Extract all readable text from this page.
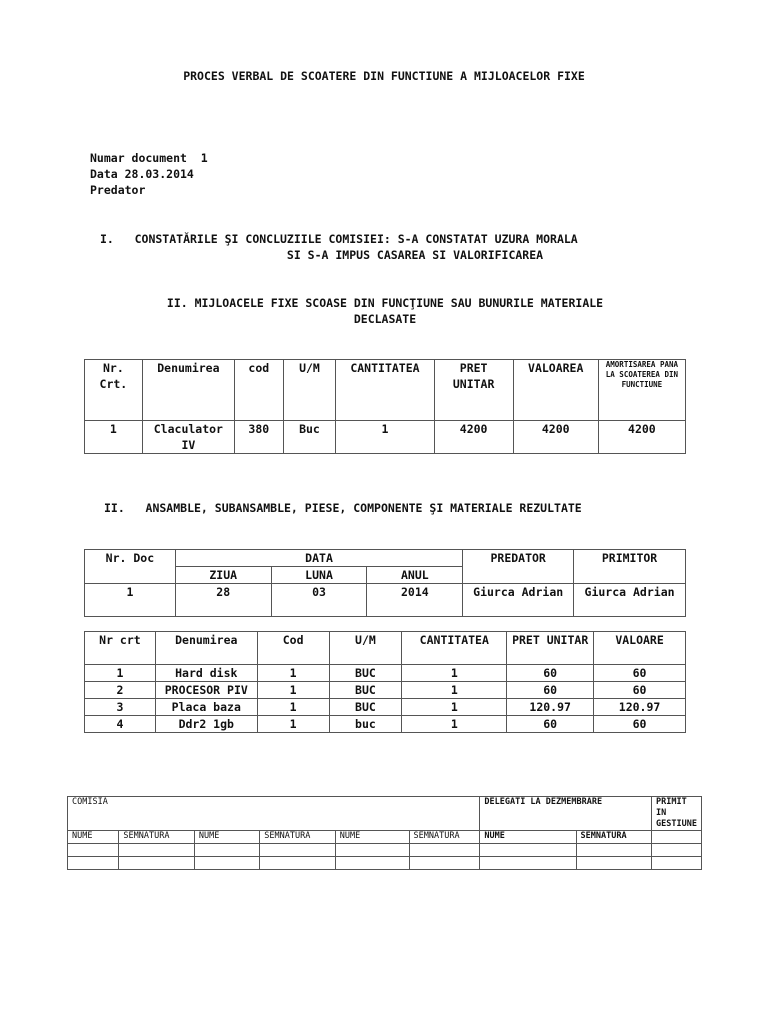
PROCES VERBAL DE SCOATERE DIN FUNCTIUNE A MIJLOACELOR FIXE
Numar document  1
Data 28.03.2014
Predator
I.   CONSTATĂRILE ŞI CONCLUZIILE COMISIEI: S-A CONSTATAT UZURA MORALA
SI S-A IMPUS CASAREA SI VALORIFICAREA
II. MIJLOACELE FIXE SCOASE DIN FUNCŢIUNE SAU BUNURILE MATERIALE
DECLASATE
Nr. Crt.	Denumirea	cod	U/M	CANTITATEA	PRET UNITAR	VALOAREA	AMORTISAREA PANA LA SCOATEREA DIN FUNCTIUNE
1	Claculator IV	380	Buc	1	4200	4200	4200
II.   ANSAMBLE, SUBANSAMBLE, PIESE, COMPONENTE ŞI MATERIALE REZULTATE
Nr. Doc	DATA			PREDATOR	PRIMITOR
	ZIUA	LUNA	ANUL		
1	28	03	2014	Giurca Adrian	Giurca Adrian
Nr crt	Denumirea	Cod	U/M	CANTITATEA	PRET UNITAR	VALOARE
1	Hard disk	1	BUC	1	60	60
2	PROCESOR PIV	1	BUC	1	60	60
3	Placa baza	1	BUC	1	120.97	120.97
4	Ddr2 1gb	1	buc	1	60	60
COMISIA						DELEGATI LA DEZMEMBRARE		PRIMIT IN GESTIUNE
NUME	SEMNATURA	NUME	SEMNATURA	NUME	SEMNATURA	NUME	SEMNATURA	
